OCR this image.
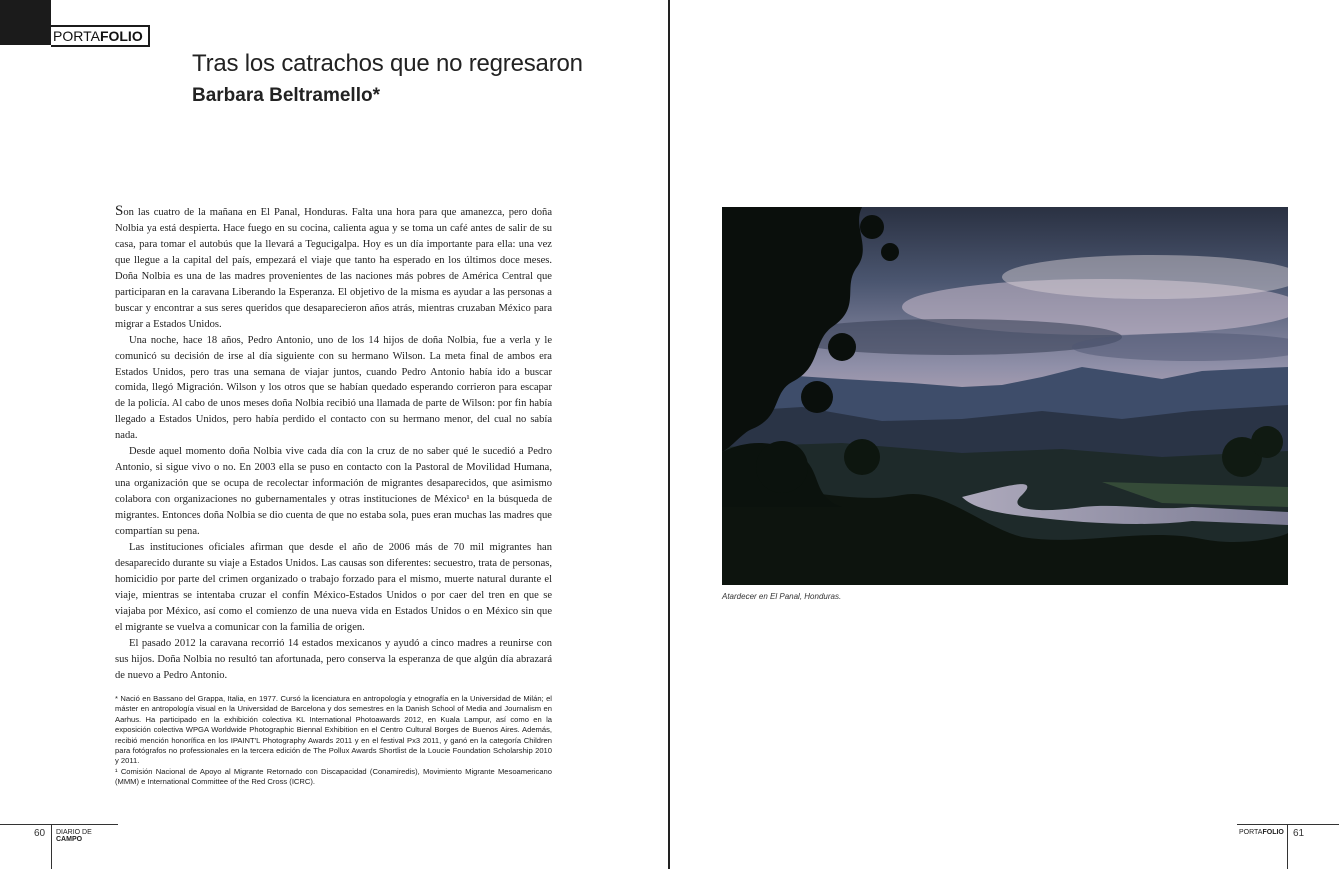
PORTAFOLIO
Tras los catrachos que no regresaron
Barbara Beltramello*

Son las cuatro de la mañana en El Panal, Honduras. Falta una hora para que amanezca, pero doña Nolbia ya está despierta. Hace fuego en su cocina, calienta agua y se toma un café antes de salir de su casa, para tomar el autobús que la llevará a Tegucigalpa. Hoy es un día importante para ella: una vez que llegue a la capital del país, empezará el viaje que tanto ha esperado en los últimos doce meses. Doña Nolbia es una de las madres provenientes de las naciones más pobres de América Central que participaran en la caravana Liberando la Esperanza. El objetivo de la misma es ayudar a las personas a buscar y encontrar a sus seres queridos que desaparecieron años atrás, mientras cruzaban México para migrar a Estados Unidos.

Una noche, hace 18 años, Pedro Antonio, uno de los 14 hijos de doña Nolbia, fue a verla y le comunicó su decisión de irse al día siguiente con su hermano Wilson. La meta final de ambos era Estados Unidos, pero tras una semana de viajar juntos, cuando Pedro Antonio había ido a buscar comida, llegó Migración. Wilson y los otros que se habían quedado esperando corrieron para escapar de la policía. Al cabo de unos meses doña Nolbia recibió una llamada de parte de Wilson: por fin había llegado a Estados Unidos, pero había perdido el contacto con su hermano menor, del cual no sabía nada.

Desde aquel momento doña Nolbia vive cada día con la cruz de no saber qué le sucedió a Pedro Antonio, si sigue vivo o no. En 2003 ella se puso en contacto con la Pastoral de Movilidad Humana, una organización que se ocupa de recolectar información de migrantes desaparecidos, que asimismo colabora con organizaciones no gubernamentales y otras instituciones de México¹ en la búsqueda de migrantes. Entonces doña Nolbia se dio cuenta de que no estaba sola, pues eran muchas las madres que compartían su pena.

Las instituciones oficiales afirman que desde el año de 2006 más de 70 mil migrantes han desaparecido durante su viaje a Estados Unidos. Las causas son diferentes: secuestro, trata de personas, homicidio por parte del crimen organizado o trabajo forzado para el mismo, muerte natural durante el viaje, mientras se intentaba cruzar el confín México-Estados Unidos o por caer del tren en que se viajaba por México, así como el comienzo de una nueva vida en Estados Unidos o en México sin que el migrante se vuelva a comunicar con la familia de origen.

El pasado 2012 la caravana recorrió 14 estados mexicanos y ayudó a cinco madres a reunirse con sus hijos. Doña Nolbia no resultó tan afortunada, pero conserva la esperanza de que algún día abrazará de nuevo a Pedro Antonio.

* Nació en Bassano del Grappa, Italia, en 1977. Cursó la licenciatura en antropología y etnografía en la Universidad de Milán; el máster en antropología visual en la Universidad de Barcelona y dos semestres en la Danish School of Media and Journalism en Aarhus. Ha participado en la exhibición colectiva KL International Photoawards 2012, en Kuala Lampur, así como en la exposición colectiva WPGA Worldwide Photographic Biennal Exhibition en el Centro Cultural Borges de Buenos Aires. Además, recibió mención honorífica en los IPAINT'L Photography Awards 2011 y en el festival Px3 2011, y ganó en la categoría Children para fotógrafos no professionales en la tercera edición de The Pollux Awards Shortlist de la Loucie Foundation Scholarship 2010 y 2011.

¹ Comisión Nacional de Apoyo al Migrante Retornado con Discapacidad (Conamiredis), Movimiento Migrante Mesoamericano (MMM) e International Committee of the Red Cross (ICRC).

60 DIARIO DE CAMPO
Atardecer en El Panal, Honduras.
PORTAFOLIO 61
